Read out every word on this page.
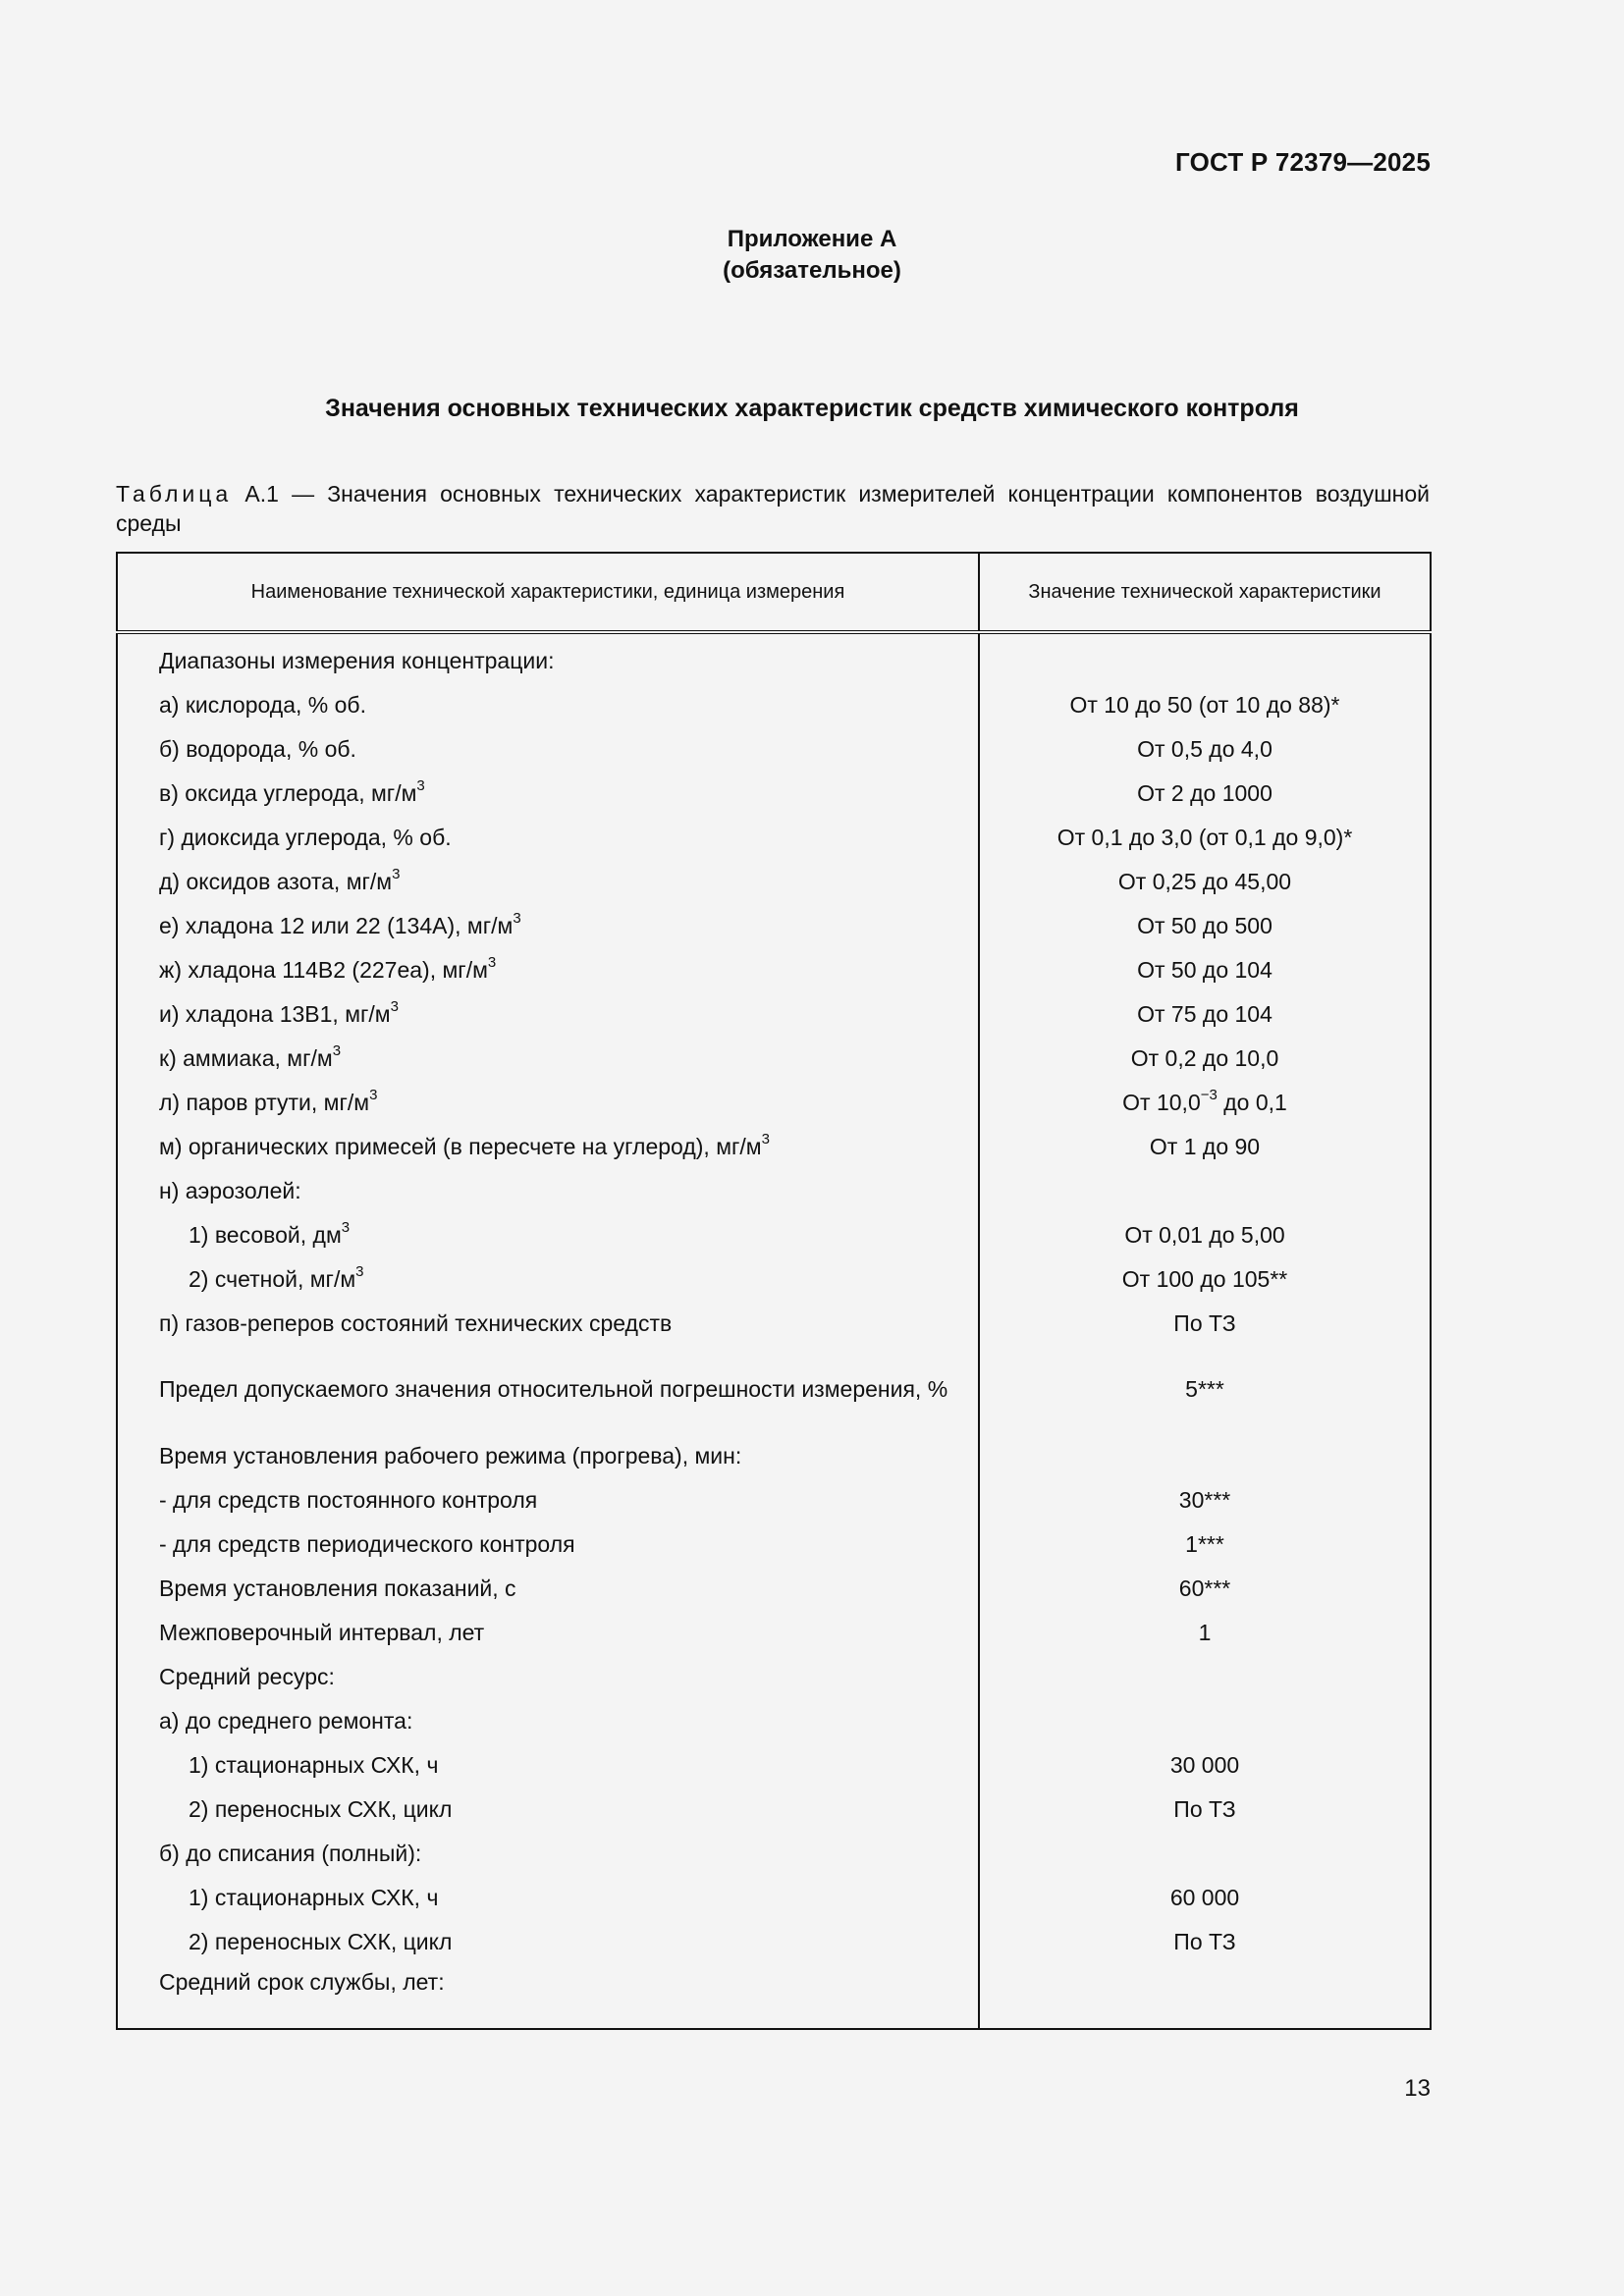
ГОСТ Р 72379—2025
Приложение А
(обязательное)
Значения основных технических характеристик средств химического контроля
Таблица А.1 — Значения основных технических характеристик измерителей концентрации компонентов воздушной среды
Наименование технической характеристики, единица измерения	Значение технической характеристики
Диапазоны измерения концентрации:	
а) кислорода, % об.	От 10 до 50 (от 10 до 88)*
б) водорода, % об.	От 0,5 до 4,0
в) оксида углерода, $мг/м^3$	От 2 до 1000
г) диоксида углерода, % об.	От 0,1 до 3,0 (от 0,1 до 9,0)*
д) оксидов азота, $мг/м^3$	От 0,25 до 45,00
е) хладона 12 или 22 (134А), $мг/м^3$	От 50 до 500
ж) хладона 114В2 (227еа), $мг/м^3$	От 50 до 104
и) хладона 13В1, $мг/м^3$	От 75 до 104
к) аммиака, $мг/м^3$	От 0,2 до 10,0
л) паров ртути, $мг/м^3$	От $10,0^{-3}$ до 0,1
м) органических примесей (в пересчете на углерод), $мг/м^3$	От 1 до 90
н) аэрозолей:	
1) весовой, $дм^3$	От 0,01 до 5,00
2) счетной, $мг/м^3$	От 100 до 105**
п) газов-реперов состояний технических средств	По ТЗ
Предел допускаемого значения относительной погрешности измерения, %	5***
Время установления рабочего режима (прогрева), мин:	
- для средств постоянного контроля	30***
- для средств периодического контроля	1***
Время установления показаний, с	60***
Межповерочный интервал, лет	1
Средний ресурс:	
а) до среднего ремонта:	
1) стационарных СХК, ч	30 000
2) переносных СХК, цикл	По ТЗ
б) до списания (полный):	
1) стационарных СХК, ч	60 000
2) переносных СХК, цикл	По ТЗ
Средний срок службы, лет:	
13
